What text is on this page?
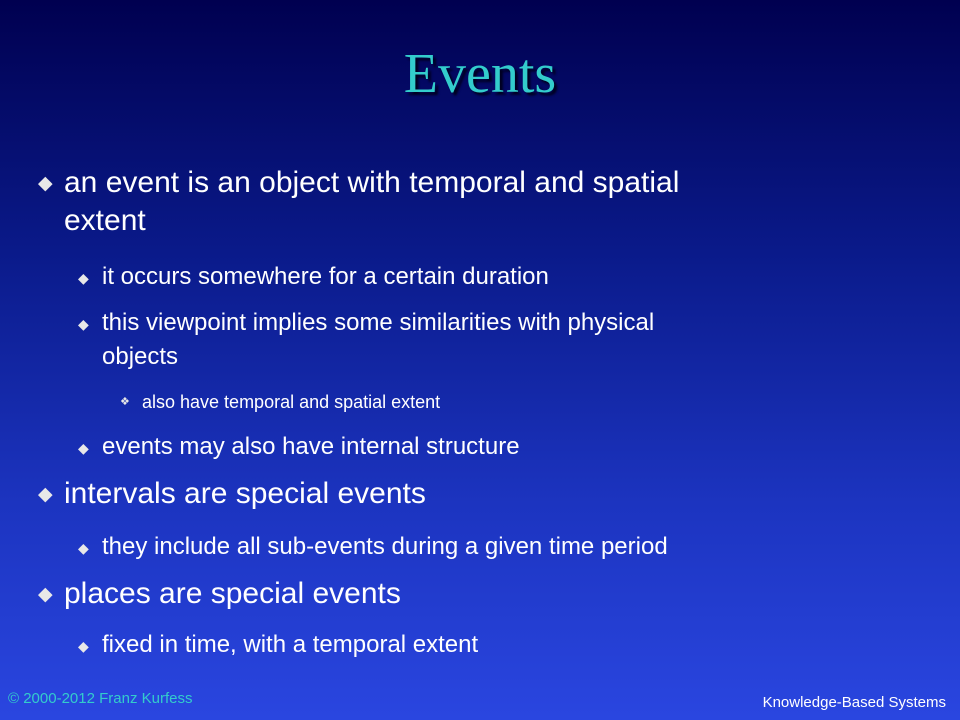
Events
◆ an event is an object with temporal and spatial
extent
◆ it occurs somewhere for a certain duration
◆ this viewpoint implies some similarities with physical
objects
❖ also have temporal and spatial extent
◆ events may also have internal structure
◆ intervals are special events
◆ they include all sub-events during a given time period
◆ places are special events
◆ fixed in time, with a temporal extent
© 2000-2012 Franz Kurfess	Knowledge-Based Systems
